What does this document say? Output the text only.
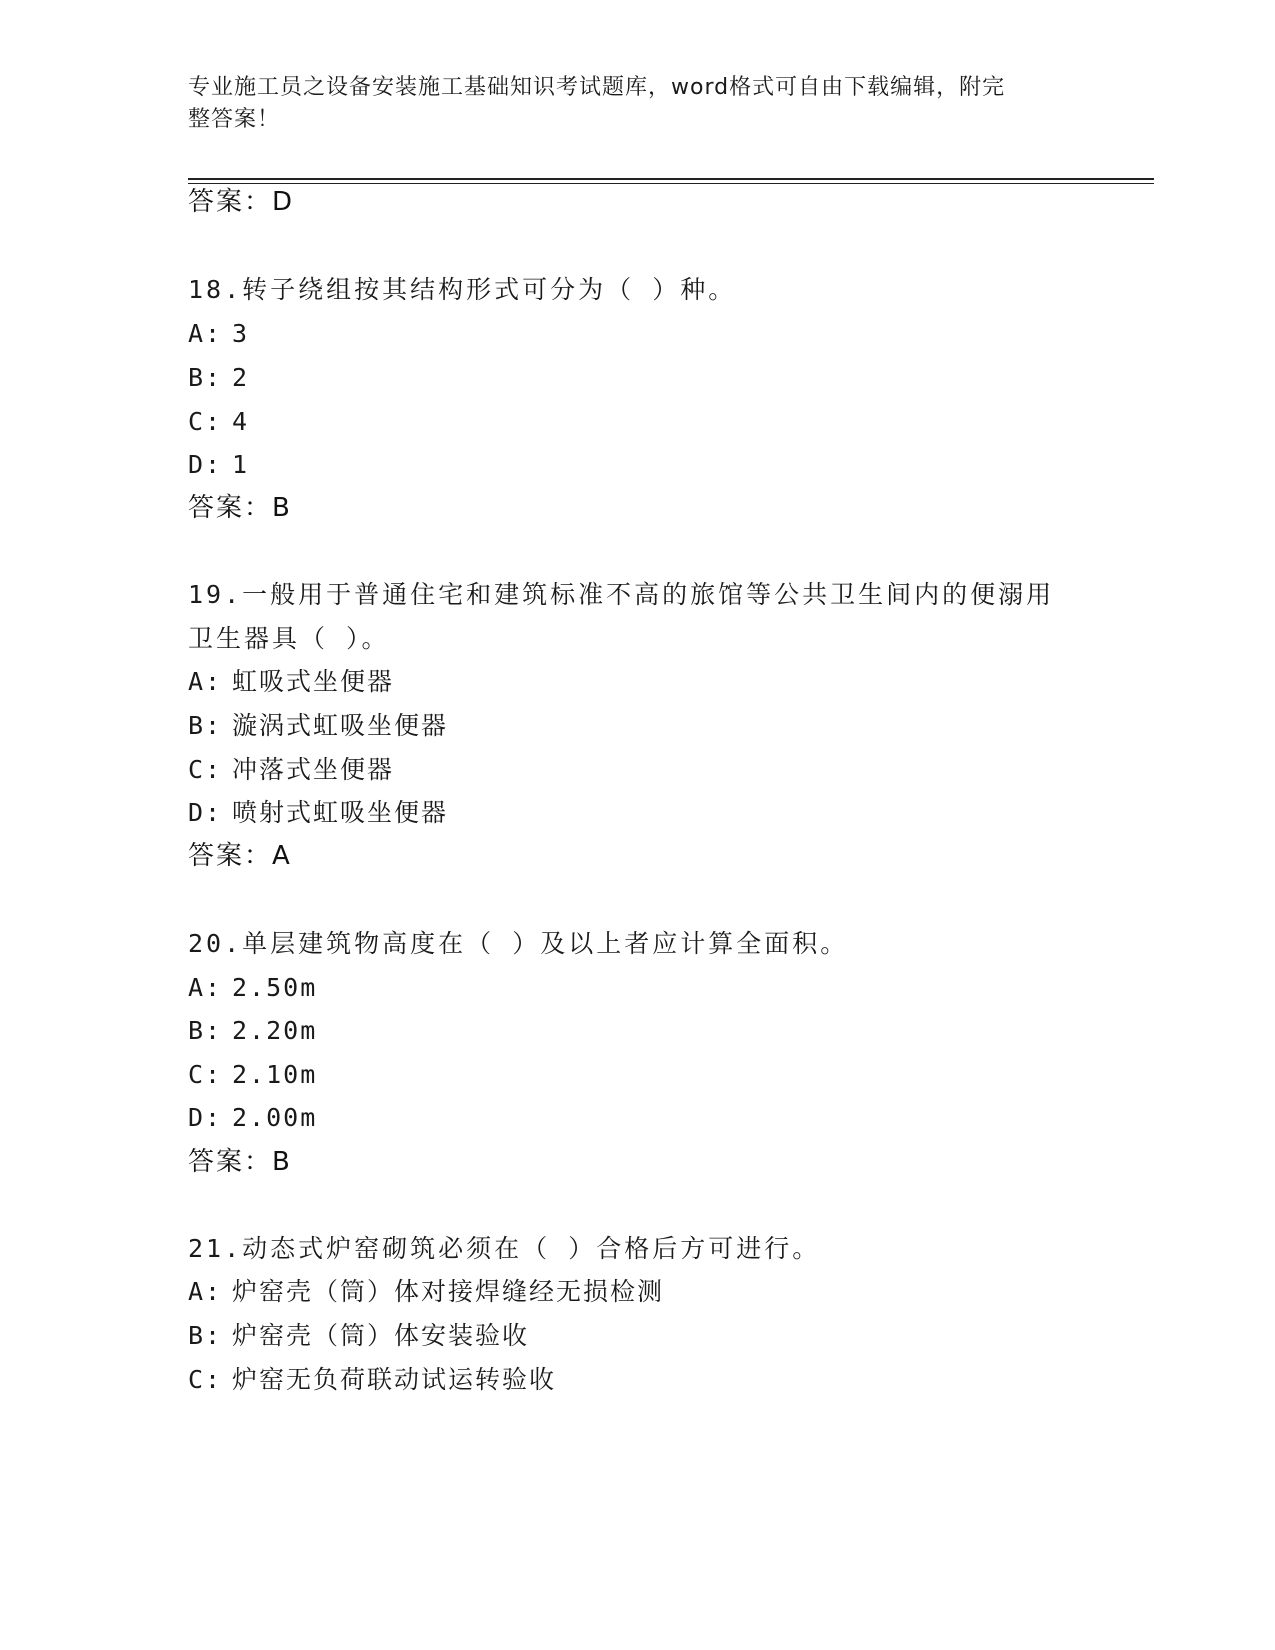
专业施工员之设备安装施工基础知识考试题库，word格式可自由下载编辑，附完
整答案！
答案：D
18.转子绕组按其结构形式可分为（ ）种。
A: 3
B: 2
C: 4
D: 1
答案：B
19.一般用于普通住宅和建筑标准不高的旅馆等公共卫生间内的便溺用
卫生器具（ ）。
A: 虹吸式坐便器
B: 漩涡式虹吸坐便器
C: 冲落式坐便器
D: 喷射式虹吸坐便器
答案：A
20.单层建筑物高度在（ ）及以上者应计算全面积。
A: 2.50m
B: 2.20m
C: 2.10m
D: 2.00m
答案：B
21.动态式炉窑砌筑必须在（ ）合格后方可进行。
A: 炉窑壳（筒）体对接焊缝经无损检测
B: 炉窑壳（筒）体安装验收
C: 炉窑无负荷联动试运转验收
